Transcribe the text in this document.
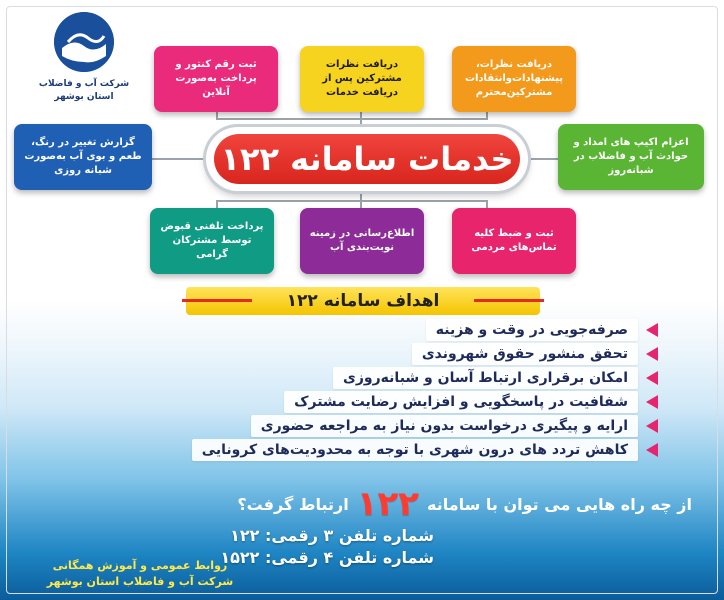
شرکت آب و فاضلاب
استان بوشهر
ثبت رقم کنتور و پرداخت به‌صورت آنلاین
دریافت نظرات مشترکین پس از دریافت خدمات
دریافت نظرات، پیشنهادات‌وانتقادات مشترکین‌محترم
گزارش تغییر در رنگ، طعم و بوی آب به‌صورت شبانه روزی
اعزام اکیپ های امداد و حوادث آب و فاضلاب در شبانه‌روز
پرداخت تلفنی قبوض توسط مشترکان گرامی
اطلاع‌رسانی در زمینه نوبت‌بندی آب
ثبت و ضبط کلیه تماس‌های مردمی
خدمات سامانه ۱۲۲
اهداف سامانه ۱۲۲
صرفه‌جویی در وقت و هزینه
تحقق منشور حقوق شهروندی
امکان برقراری ارتباط آسان و شبانه‌روزی
شفافیت در پاسخگویی و افزایش رضایت مشترک
ارایه و پیگیری درخواست بدون نیاز به مراجعه حضوری
کاهش تردد های درون شهری با توجه به محدودیت‌های کرونایی
از چه راه هایی می توان با سامانه
۱۲۲
ارتباط گرفت؟
شماره تلفن ۳ رقمی: ۱۲۲
شماره تلفن ۴ رقمی: ۱۵۲۲
روابط عمومی و آموزش همگانی
شرکت آب و فاضلاب استان بوشهر
